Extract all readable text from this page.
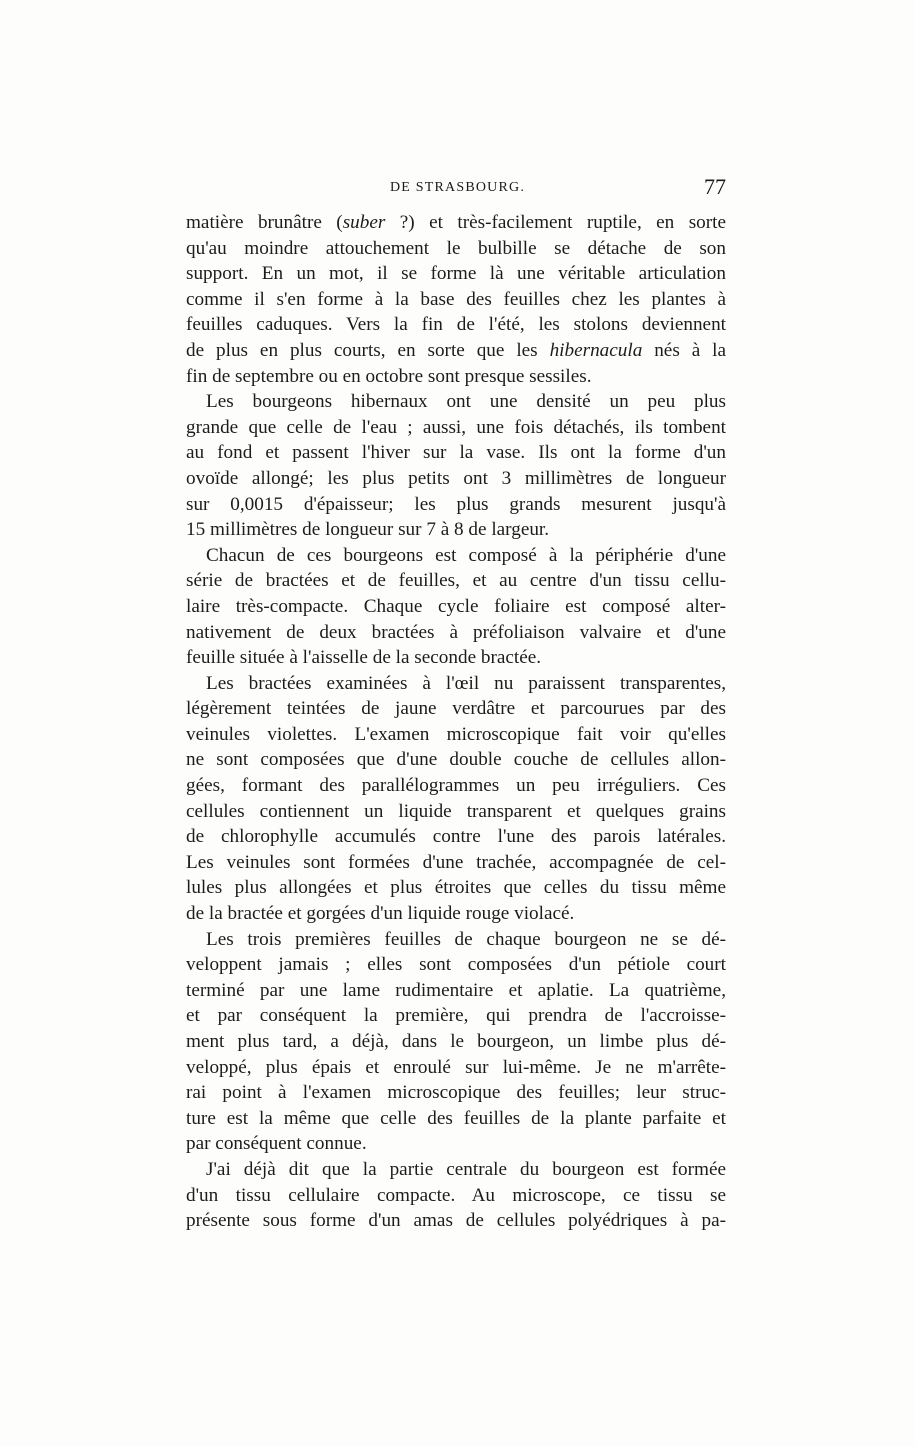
DE STRASBOURG.	77
matière brunâtre (suber ?) et très-facilement ruptile, en sorte
qu'au moindre attouchement le bulbille se détache de son
support. En un mot, il se forme là une véritable articulation
comme il s'en forme à la base des feuilles chez les plantes à
feuilles caduques. Vers la fin de l'été, les stolons deviennent
de plus en plus courts, en sorte que les hibernacula nés à la
fin de septembre ou en octobre sont presque sessiles.
Les bourgeons hibernaux ont une densité un peu plus
grande que celle de l'eau ; aussi, une fois détachés, ils tombent
au fond et passent l'hiver sur la vase. Ils ont la forme d'un
ovoïde allongé; les plus petits ont 3 millimètres de longueur
sur 0,0015 d'épaisseur; les plus grands mesurent jusqu'à
15 millimètres de longueur sur 7 à 8 de largeur.
Chacun de ces bourgeons est composé à la périphérie d'une
série de bractées et de feuilles, et au centre d'un tissu cellu-
laire très-compacte. Chaque cycle foliaire est composé alter-
nativement de deux bractées à préfoliaison valvaire et d'une
feuille située à l'aisselle de la seconde bractée.
Les bractées examinées à l'œil nu paraissent transparentes,
légèrement teintées de jaune verdâtre et parcourues par des
veinules violettes. L'examen microscopique fait voir qu'elles
ne sont composées que d'une double couche de cellules allon-
gées, formant des parallélogrammes un peu irréguliers. Ces
cellules contiennent un liquide transparent et quelques grains
de chlorophylle accumulés contre l'une des parois latérales.
Les veinules sont formées d'une trachée, accompagnée de cel-
lules plus allongées et plus étroites que celles du tissu même
de la bractée et gorgées d'un liquide rouge violacé.
Les trois premières feuilles de chaque bourgeon ne se dé-
veloppent jamais ; elles sont composées d'un pétiole court
terminé par une lame rudimentaire et aplatie. La quatrième,
et par conséquent la première, qui prendra de l'accroisse-
ment plus tard, a déjà, dans le bourgeon, un limbe plus dé-
veloppé, plus épais et enroulé sur lui-même. Je ne m'arrête-
rai point à l'examen microscopique des feuilles; leur struc-
ture est la même que celle des feuilles de la plante parfaite et
par conséquent connue.
J'ai déjà dit que la partie centrale du bourgeon est formée
d'un tissu cellulaire compacte. Au microscope, ce tissu se
présente sous forme d'un amas de cellules polyédriques à pa-
